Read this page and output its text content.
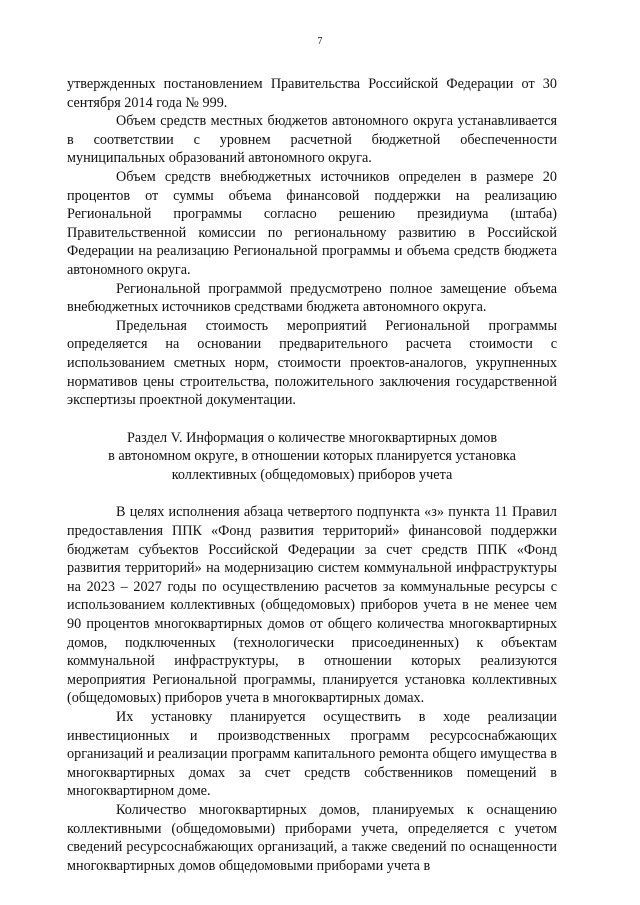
7

утвержденных постановлением Правительства Российской Федерации от 30 сентября 2014 года № 999.

Объем средств местных бюджетов автономного округа устанавливается в соответствии с уровнем расчетной бюджетной обеспеченности муниципальных образований автономного округа.

Объем средств внебюджетных источников определен в размере 20 процентов от суммы объема финансовой поддержки на реализацию Региональной программы согласно решению президиума (штаба) Правительственной комиссии по региональному развитию в Российской Федерации на реализацию Региональной программы и объема средств бюджета автономного округа.

Региональной программой предусмотрено полное замещение объема внебюджетных источников средствами бюджета автономного округа.

Предельная стоимость мероприятий Региональной программы определяется на основании предварительного расчета стоимости с использованием сметных норм, стоимости проектов-аналогов, укрупненных нормативов цены строительства, положительного заключения государственной экспертизы проектной документации.

Раздел V. Информация о количестве многоквартирных домов
в автономном округе, в отношении которых планируется установка
коллективных (общедомовых) приборов учета

В целях исполнения абзаца четвертого подпункта «з» пункта 11 Правил предоставления ППК «Фонд развития территорий» финансовой поддержки бюджетам субъектов Российской Федерации за счет средств ППК «Фонд развития территорий» на модернизацию систем коммунальной инфраструктуры на 2023 – 2027 годы по осуществлению расчетов за коммунальные ресурсы с использованием коллективных (общедомовых) приборов учета в не менее чем 90 процентов многоквартирных домов от общего количества многоквартирных домов, подключенных (технологически присоединенных) к объектам коммунальной инфраструктуры, в отношении которых реализуются мероприятия Региональной программы, планируется установка коллективных (общедомовых) приборов учета в многоквартирных домах.

Их установку планируется осуществить в ходе реализации инвестиционных и производственных программ ресурсоснабжающих организаций и реализации программ капитального ремонта общего имущества в многоквартирных домах за счет средств собственников помещений в многоквартирном доме.

Количество многоквартирных домов, планируемых к оснащению коллективными (общедомовыми) приборами учета, определяется с учетом сведений ресурсоснабжающих организаций, а также сведений по оснащенности многоквартирных домов общедомовыми приборами учета в
